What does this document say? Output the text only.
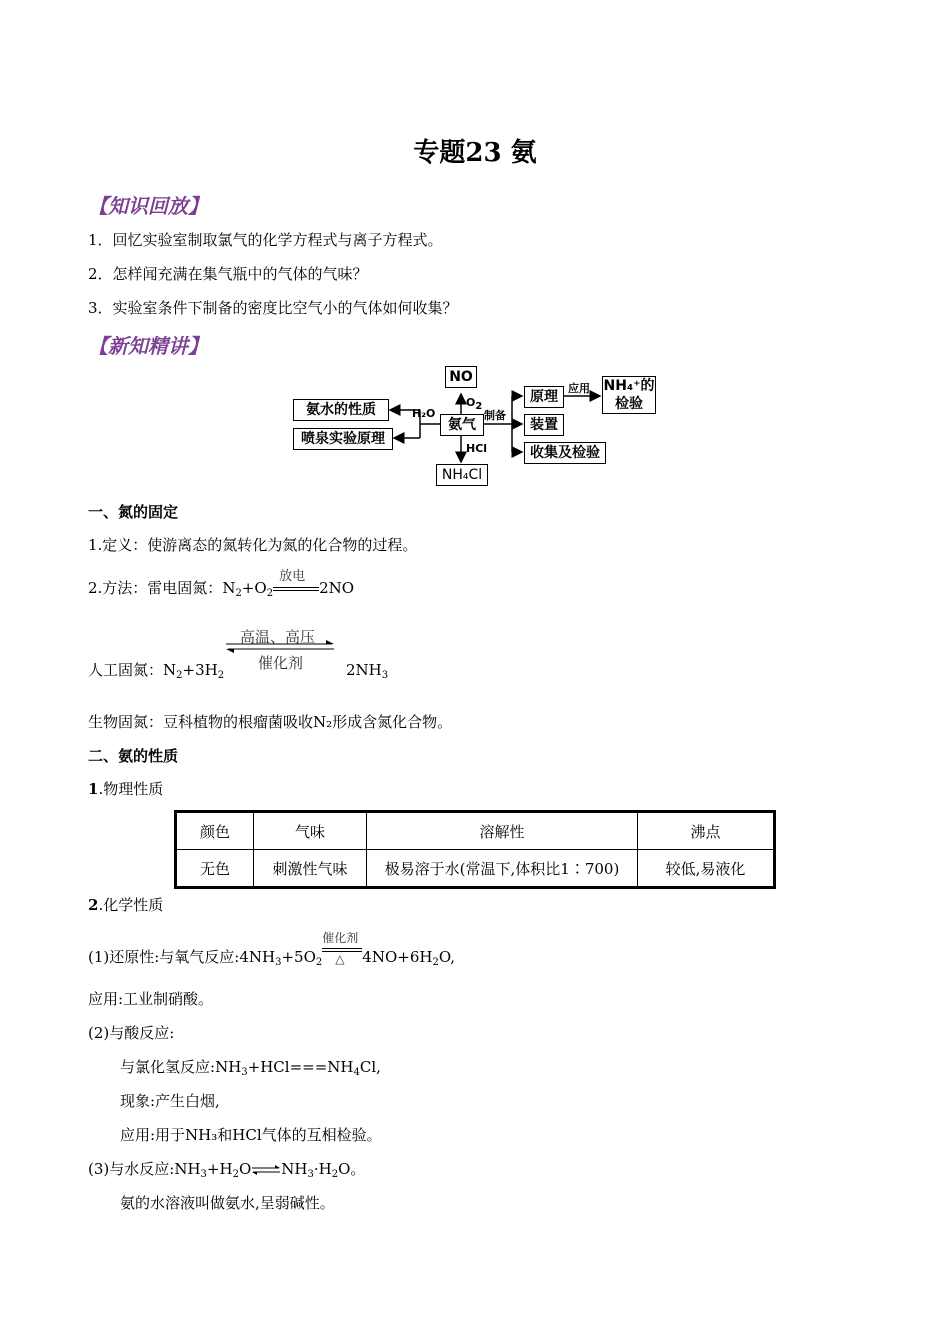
专题23 氨
【知识回放】
1．回忆实验室制取氯气的化学方程式与离子方程式。
2．怎样闻充满在集气瓶中的气体的气味？
3．实验室条件下制备的密度比空气小的气体如何收集？
【新知精讲】
NO
$O_2$
氨气
HCl
NH₄Cl
氨水的性质
喷泉实验原理
H₂O	制备
原理
装置
收集及检验
应用 NH₄⁺的
检验
一、氮的固定
1.定义：使游离态的氮转化为氮的化合物的过程。
2.方法：雷电固氮：$N_2+O_2$
放电
2NO
高温、高压
催化剂
人工固氮：$N_2+3H_2$	$2NH_3$
生物固氮：豆科植物的根瘤菌吸收N₂形成含氮化合物。
二、氨的性质
1.物理性质
颜色	气味	溶解性	沸点
无色	刺激性气味	极易溶于水(常温下,体积比1∶700)	较低,易液化
2.化学性质
(1)还原性:与氧气反应$:4NH_3+5O_2$
催化剂
△ $4NO+6H_2O$,
应用:工业制硝酸。
(2)与酸反应:
与氯化氢反应$:NH_3+HCl===NH_4Cl$,
现象:产生白烟,
应用:用于NH₃和HCl气体的互相检验。
(3)与水反应$:NH_3+H_2O\rightleftharpoons NH_3\cdot H_2O$。
氨的水溶液叫做氨水,呈弱碱性。
